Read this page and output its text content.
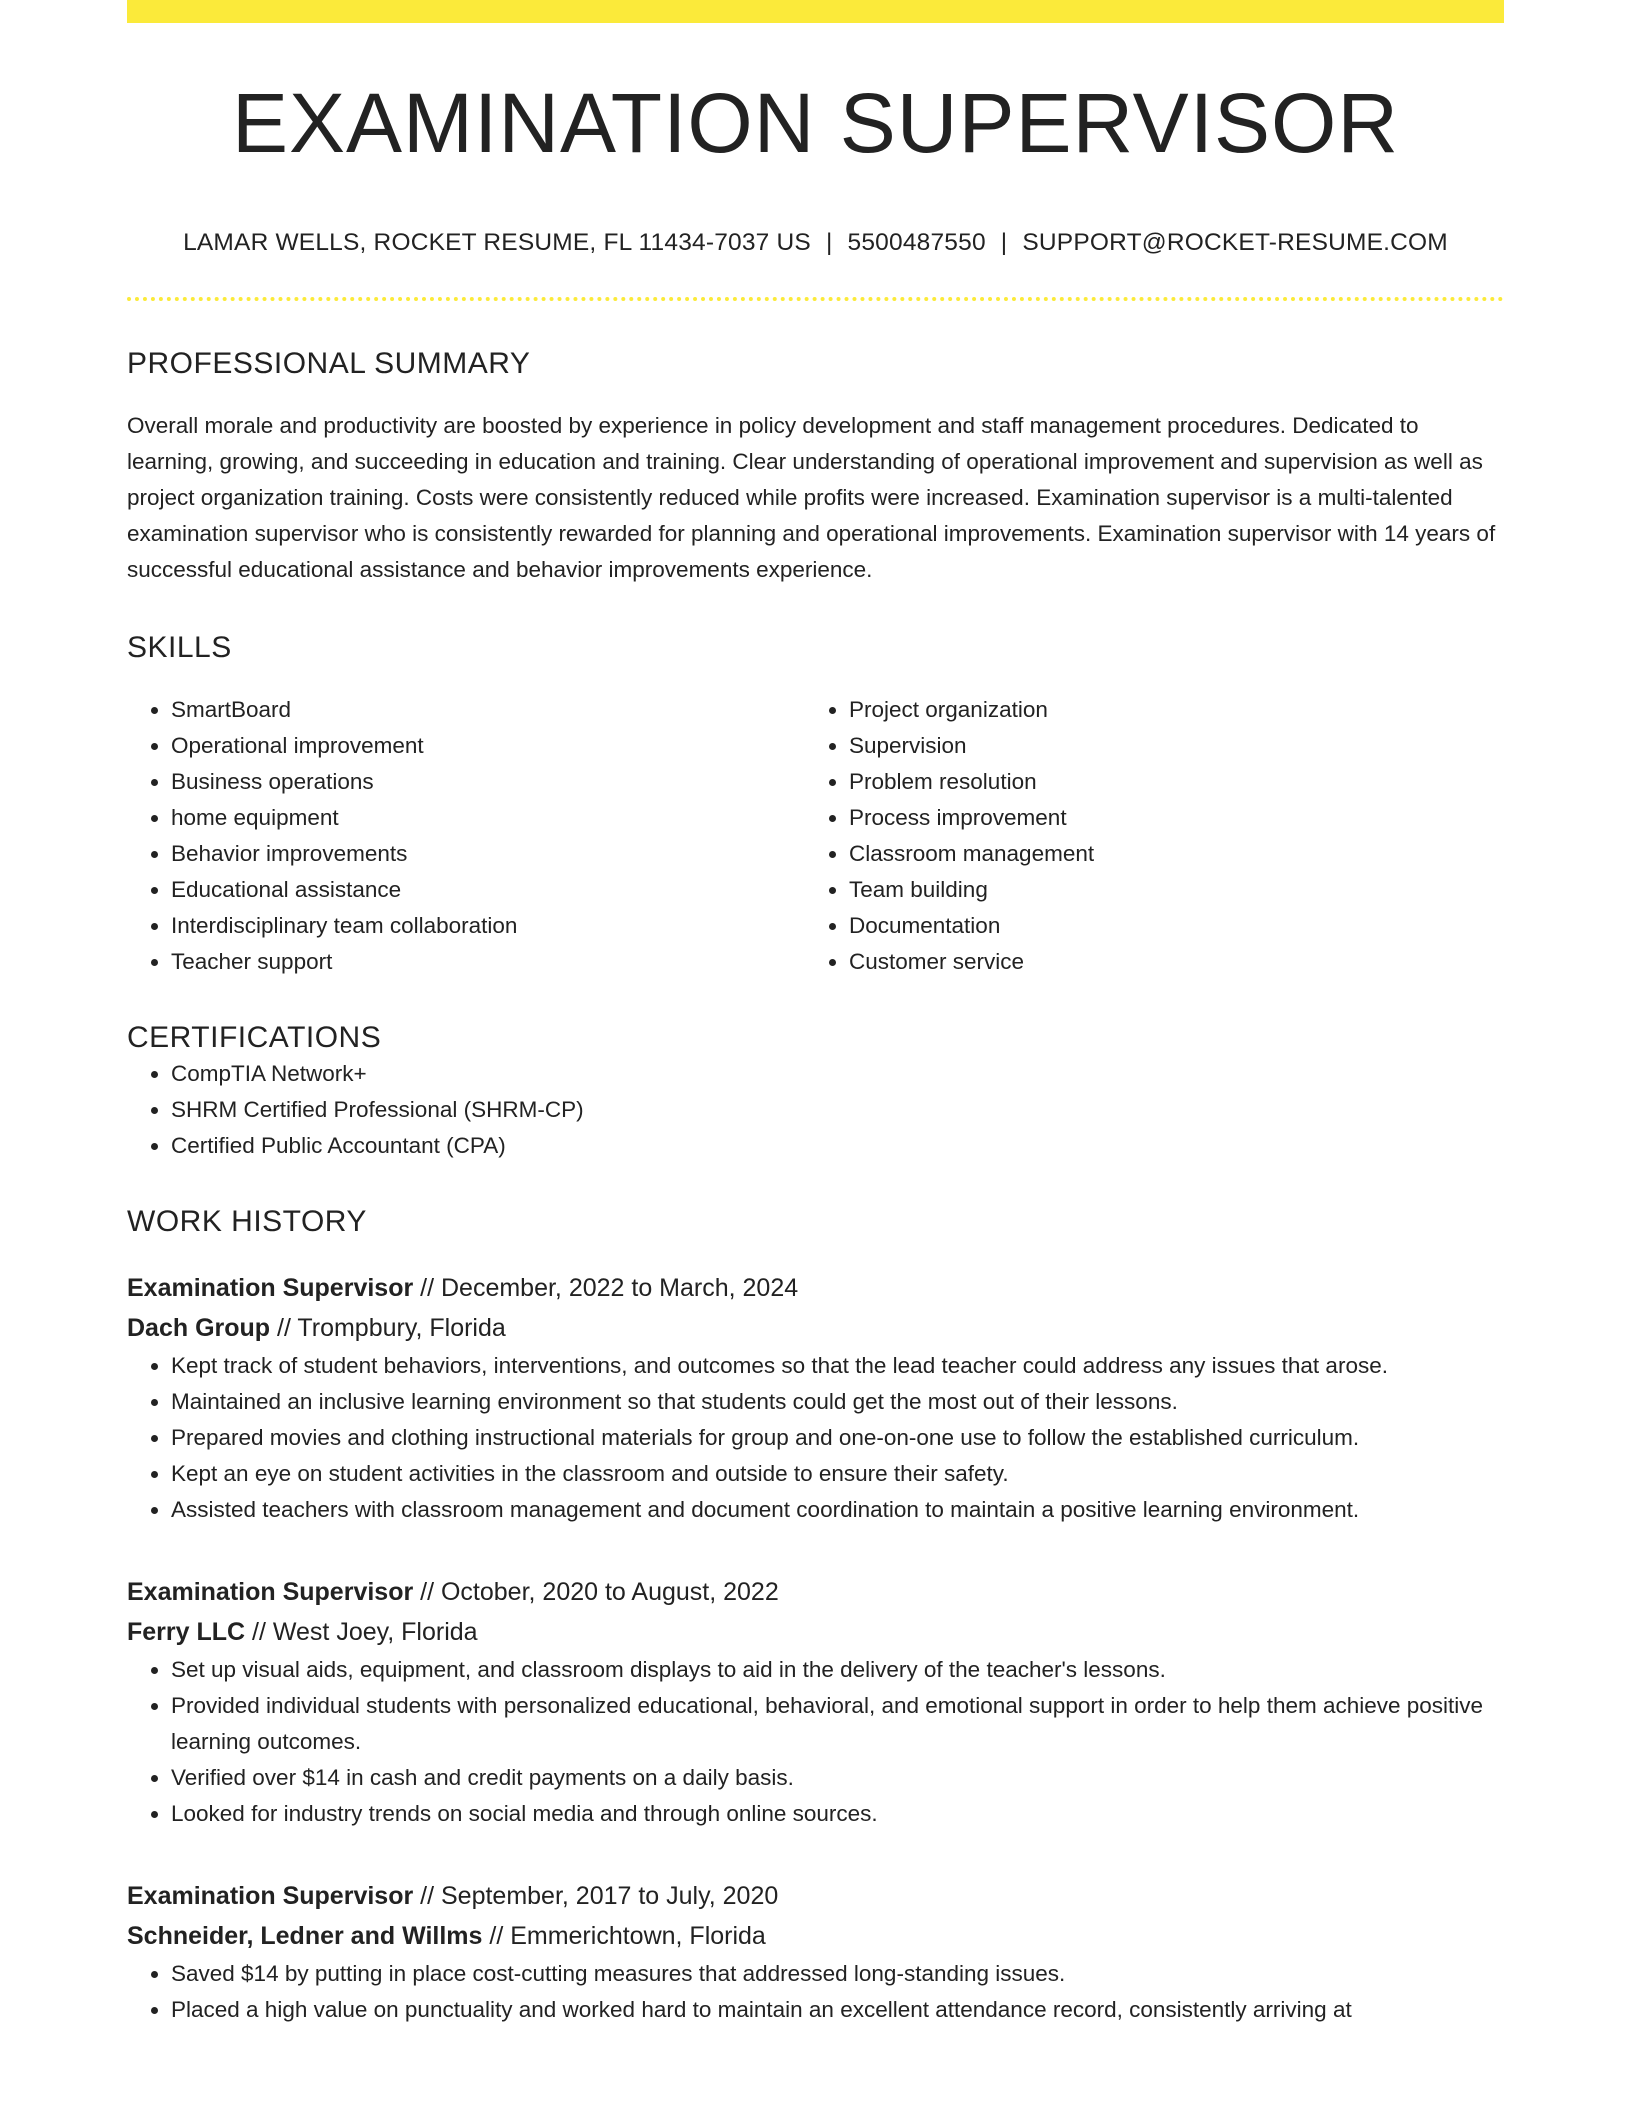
EXAMINATION SUPERVISOR
LAMAR WELLS, ROCKET RESUME, FL 11434-7037 US | 5500487550 | SUPPORT@ROCKET-RESUME.COM
PROFESSIONAL SUMMARY

Overall morale and productivity are boosted by experience in policy development and staff management procedures. Dedicated to learning, growing, and succeeding in education and training. Clear understanding of operational improvement and supervision as well as project organization training. Costs were consistently reduced while profits were increased. Examination supervisor is a multi-talented examination supervisor who is consistently rewarded for planning and operational improvements. Examination supervisor with 14 years of successful educational assistance and behavior improvements experience.

SKILLS
• SmartBoard
• Operational improvement
• Business operations
• home equipment
• Behavior improvements
• Educational assistance
• Interdisciplinary team collaboration
• Teacher support
• Project organization
• Supervision
• Problem resolution
• Process improvement
• Classroom management
• Team building
• Documentation
• Customer service
CERTIFICATIONS
• CompTIA Network+
• SHRM Certified Professional (SHRM-CP)
• Certified Public Accountant (CPA)
WORK HISTORY
Examination Supervisor // December, 2022 to March, 2024
Dach Group // Trompbury, Florida
• Kept track of student behaviors, interventions, and outcomes so that the lead teacher could address any issues that arose.
• Maintained an inclusive learning environment so that students could get the most out of their lessons.
• Prepared movies and clothing instructional materials for group and one-on-one use to follow the established curriculum.
• Kept an eye on student activities in the classroom and outside to ensure their safety.
• Assisted teachers with classroom management and document coordination to maintain a positive learning environment.
Examination Supervisor // October, 2020 to August, 2022
Ferry LLC // West Joey, Florida
• Set up visual aids, equipment, and classroom displays to aid in the delivery of the teacher's lessons.
• Provided individual students with personalized educational, behavioral, and emotional support in order to help them achieve positive learning outcomes.
• Verified over $14 in cash and credit payments on a daily basis.
• Looked for industry trends on social media and through online sources.
Examination Supervisor // September, 2017 to July, 2020
Schneider, Ledner and Willms // Emmerichtown, Florida
• Saved $14 by putting in place cost-cutting measures that addressed long-standing issues.
• Placed a high value on punctuality and worked hard to maintain an excellent attendance record, consistently arriving at
